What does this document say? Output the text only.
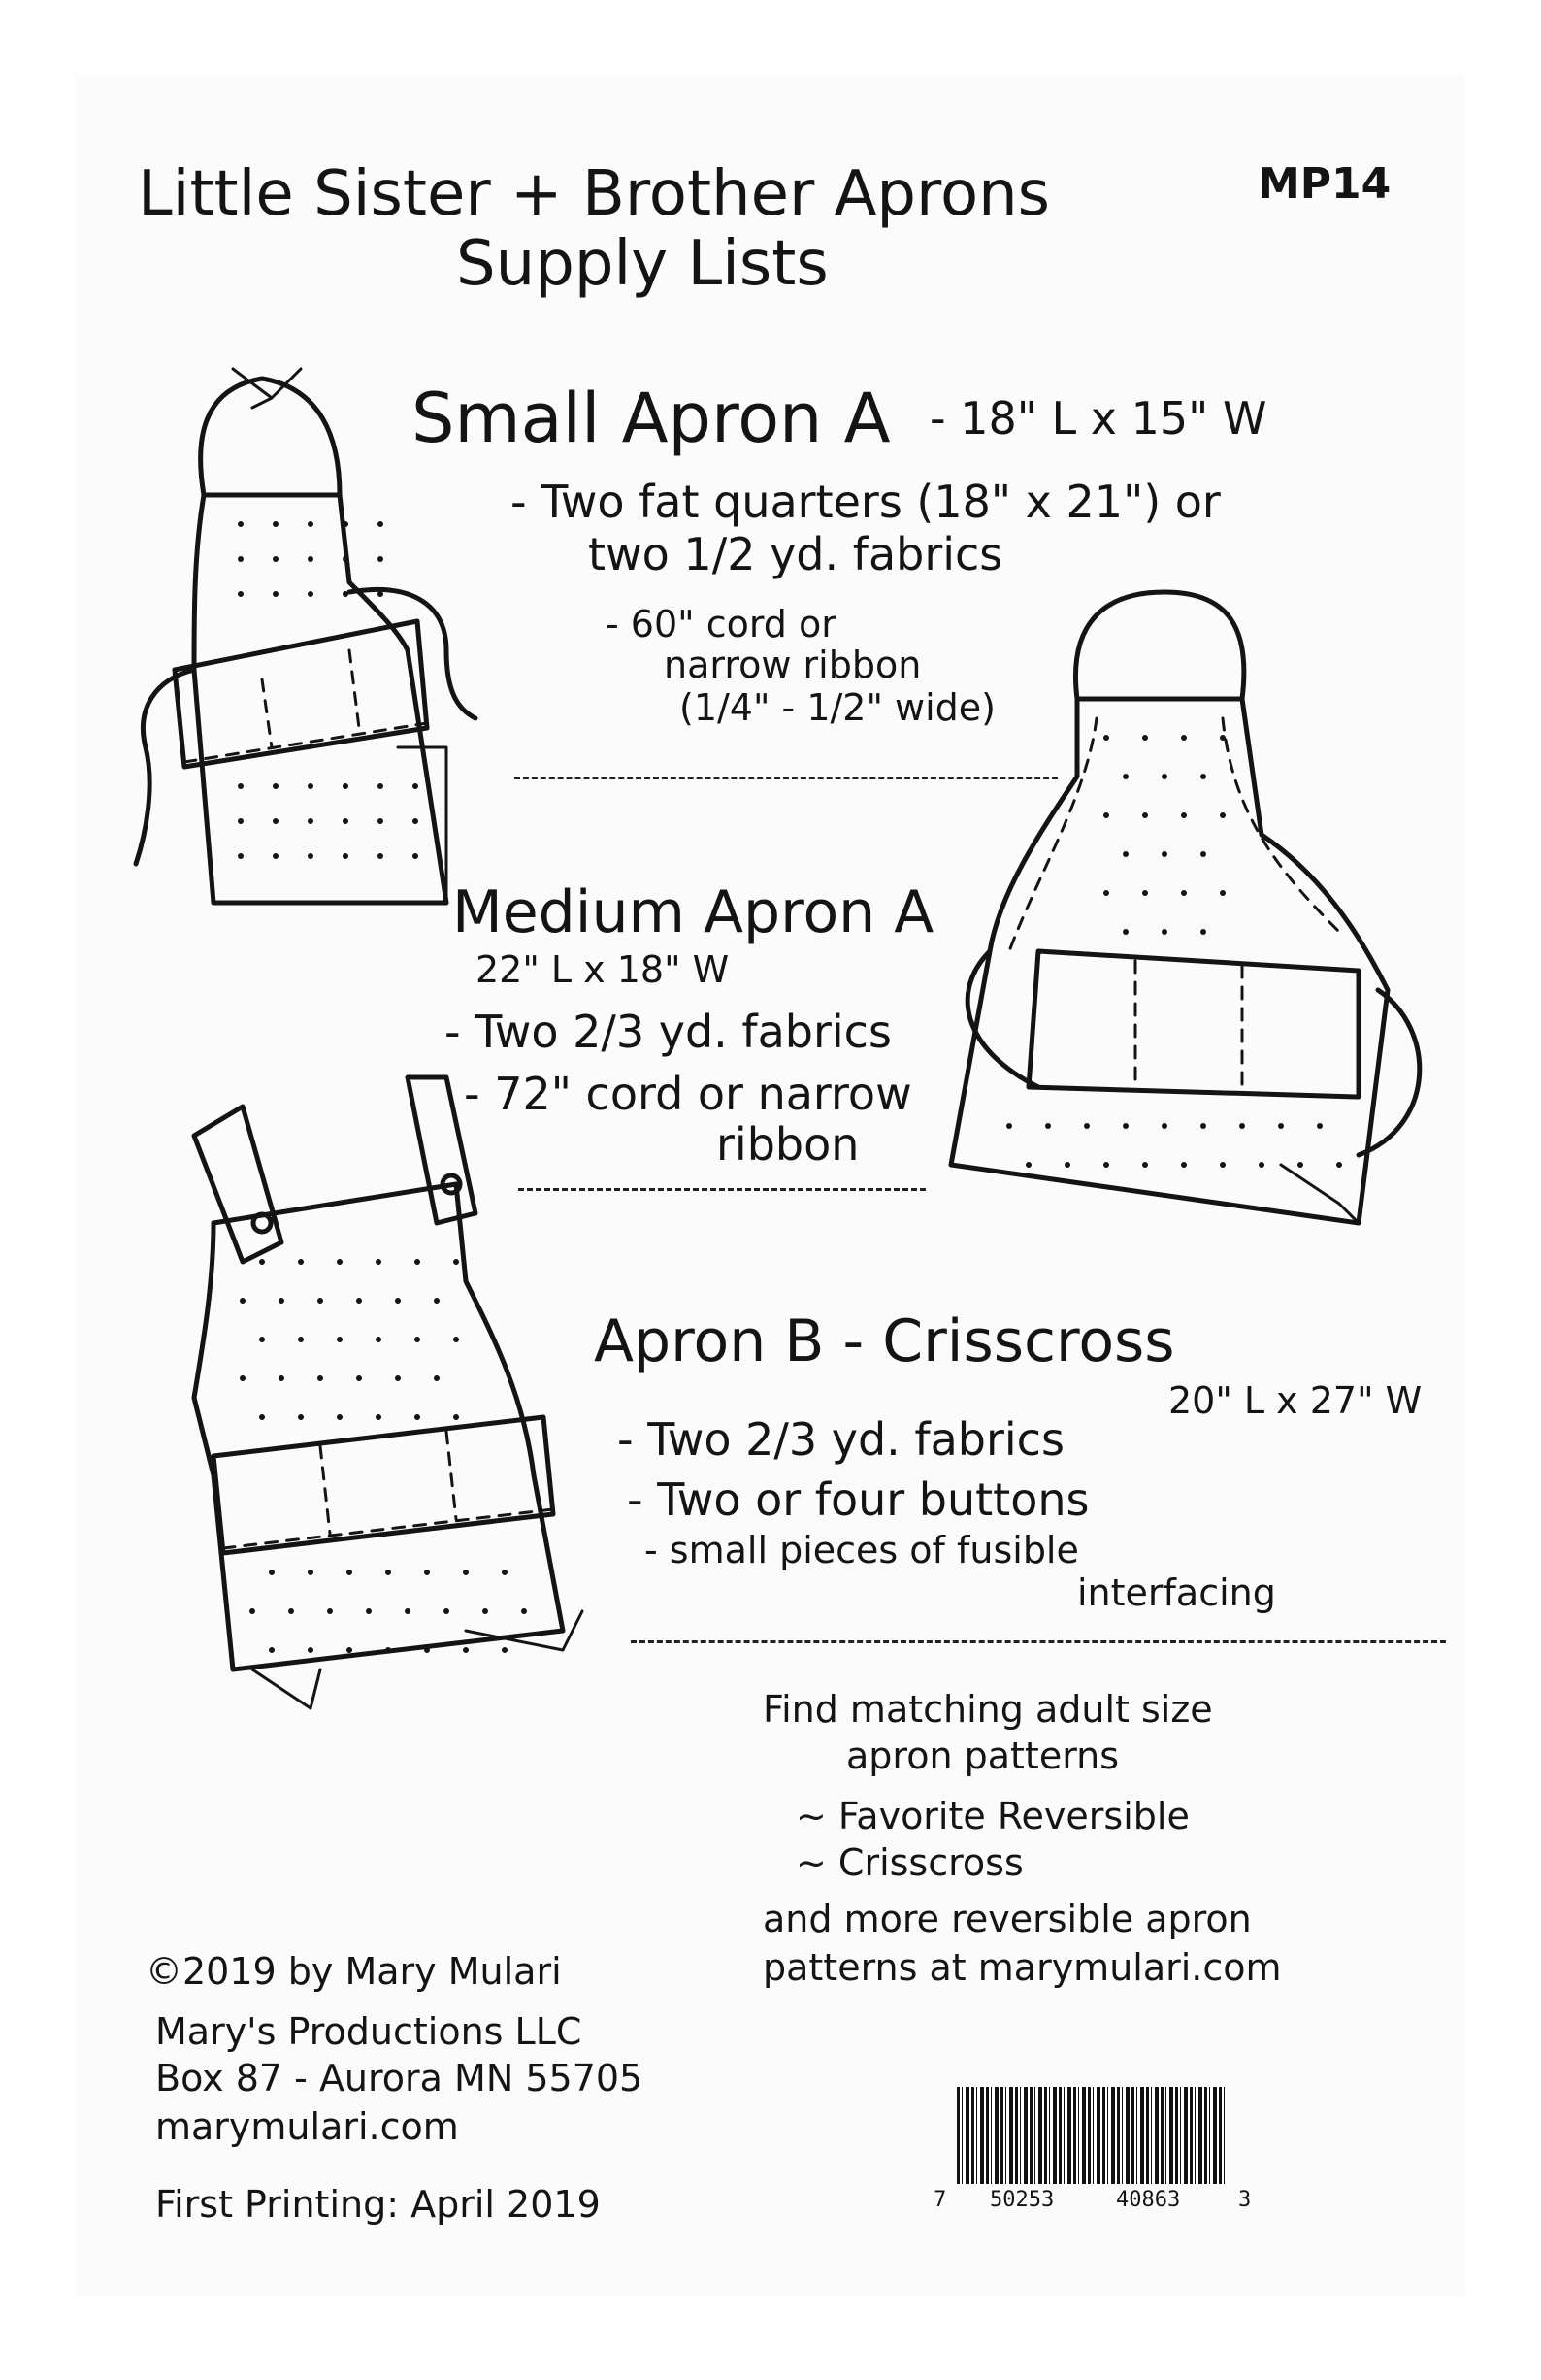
Little Sister + Brother Aprons
Supply Lists
MP14
Small Apron A - 18" L x 15" W
- Two fat quarters (18" x 21") or
two 1/2 yd. fabrics
- 60" cord or
narrow ribbon
(1/4" - 1/2" wide)
Medium Apron A
22" L x 18" W
- Two 2/3 yd. fabrics
- 72" cord or narrow
ribbon
Apron B - Crisscross
20" L x 27" W
- Two 2/3 yd. fabrics
- Two or four buttons
- small pieces of fusible
interfacing
Find matching adult size
apron patterns
~ Favorite Reversible
~ Crisscross
and more reversible apron
patterns at marymulari.com
©2019 by Mary Mulari
Mary's Productions LLC
Box 87 - Aurora MN 55705
marymulari.com
First Printing: April 2019	7 50253	40863	3
